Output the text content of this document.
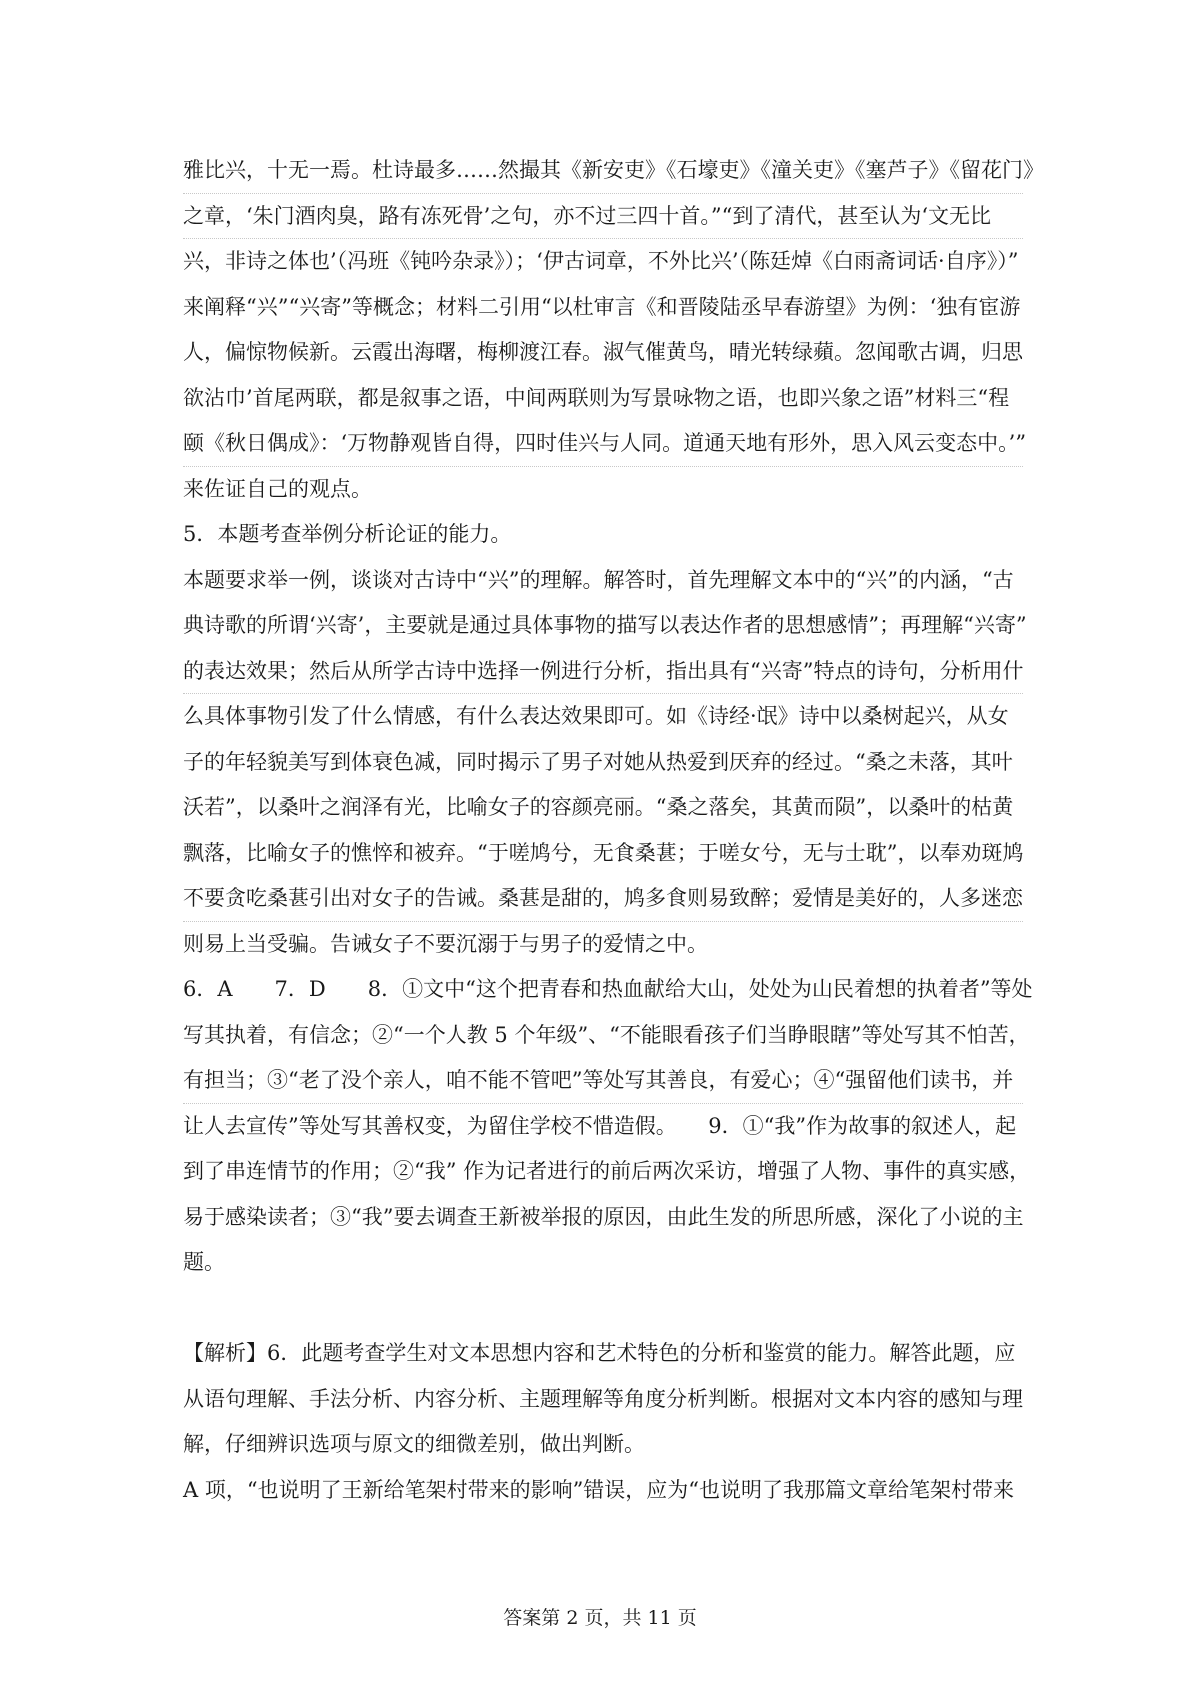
雅比兴，十无一焉。杜诗最多……然撮其《新安吏》《石壕吏》《潼关吏》《塞芦子》《留花门》
之章，‘朱门酒肉臭，路有冻死骨’之句，亦不过三四十首。”“到了清代，甚至认为‘文无比
兴，非诗之体也’（冯班《钝吟杂录》）；‘伊古词章，不外比兴’（陈廷焯《白雨斋词话·自序》）”
来阐释“兴”“兴寄”等概念；材料二引用“以杜审言《和晋陵陆丞早春游望》为例：‘独有宦游
人，偏惊物候新。云霞出海曙，梅柳渡江春。淑气催黄鸟，晴光转绿蘋。忽闻歌古调，归思
欲沾巾’首尾两联，都是叙事之语，中间两联则为写景咏物之语，也即兴象之语”材料三“程
颐《秋日偶成》：‘万物静观皆自得，四时佳兴与人同。道通天地有形外，思入风云变态中。’”
来佐证自己的观点。
5．本题考查举例分析论证的能力。
本题要求举一例，谈谈对古诗中“兴”的理解。解答时，首先理解文本中的“兴”的内涵，“古
典诗歌的所谓‘兴寄’，主要就是通过具体事物的描写以表达作者的思想感情”；再理解“兴寄”
的表达效果；然后从所学古诗中选择一例进行分析，指出具有“兴寄”特点的诗句，分析用什
么具体事物引发了什么情感，有什么表达效果即可。如《诗经·氓》诗中以桑树起兴，从女
子的年轻貌美写到体衰色减，同时揭示了男子对她从热爱到厌弃的经过。“桑之未落，其叶
沃若”，以桑叶之润泽有光，比喻女子的容颜亮丽。“桑之落矣，其黄而陨”，以桑叶的枯黄
飘落，比喻女子的憔悴和被弃。“于嗟鸠兮，无食桑葚；于嗟女兮，无与士耽”，以奉劝斑鸠
不要贪吃桑葚引出对女子的告诫。桑葚是甜的，鸠多食则易致醉；爱情是美好的，人多迷恋
则易上当受骗。告诫女子不要沉溺于与男子的爱情之中。
6．A　　7．D　　8．①文中“这个把青春和热血献给大山，处处为山民着想的执着者”等处
写其执着，有信念；②“一个人教 5 个年级”、“不能眼看孩子们当睁眼瞎”等处写其不怕苦，
有担当；③“老了没个亲人，咱不能不管吧”等处写其善良，有爱心；④“强留他们读书，并
让人去宣传”等处写其善权变，为留住学校不惜造假。　　9．①“我”作为故事的叙述人，起
到了串连情节的作用；②“我” 作为记者进行的前后两次采访，增强了人物、事件的真实感，
易于感染读者；③“我”要去调查王新被举报的原因，由此生发的所思所感，深化了小说的主
题。
【解析】6．此题考查学生对文本思想内容和艺术特色的分析和鉴赏的能力。解答此题，应
从语句理解、手法分析、内容分析、主题理解等角度分析判断。根据对文本内容的感知与理
解，仔细辨识选项与原文的细微差别，做出判断。
A 项，“也说明了王新给笔架村带来的影响”错误，应为“也说明了我那篇文章给笔架村带来
答案第 2 页，共 11 页
